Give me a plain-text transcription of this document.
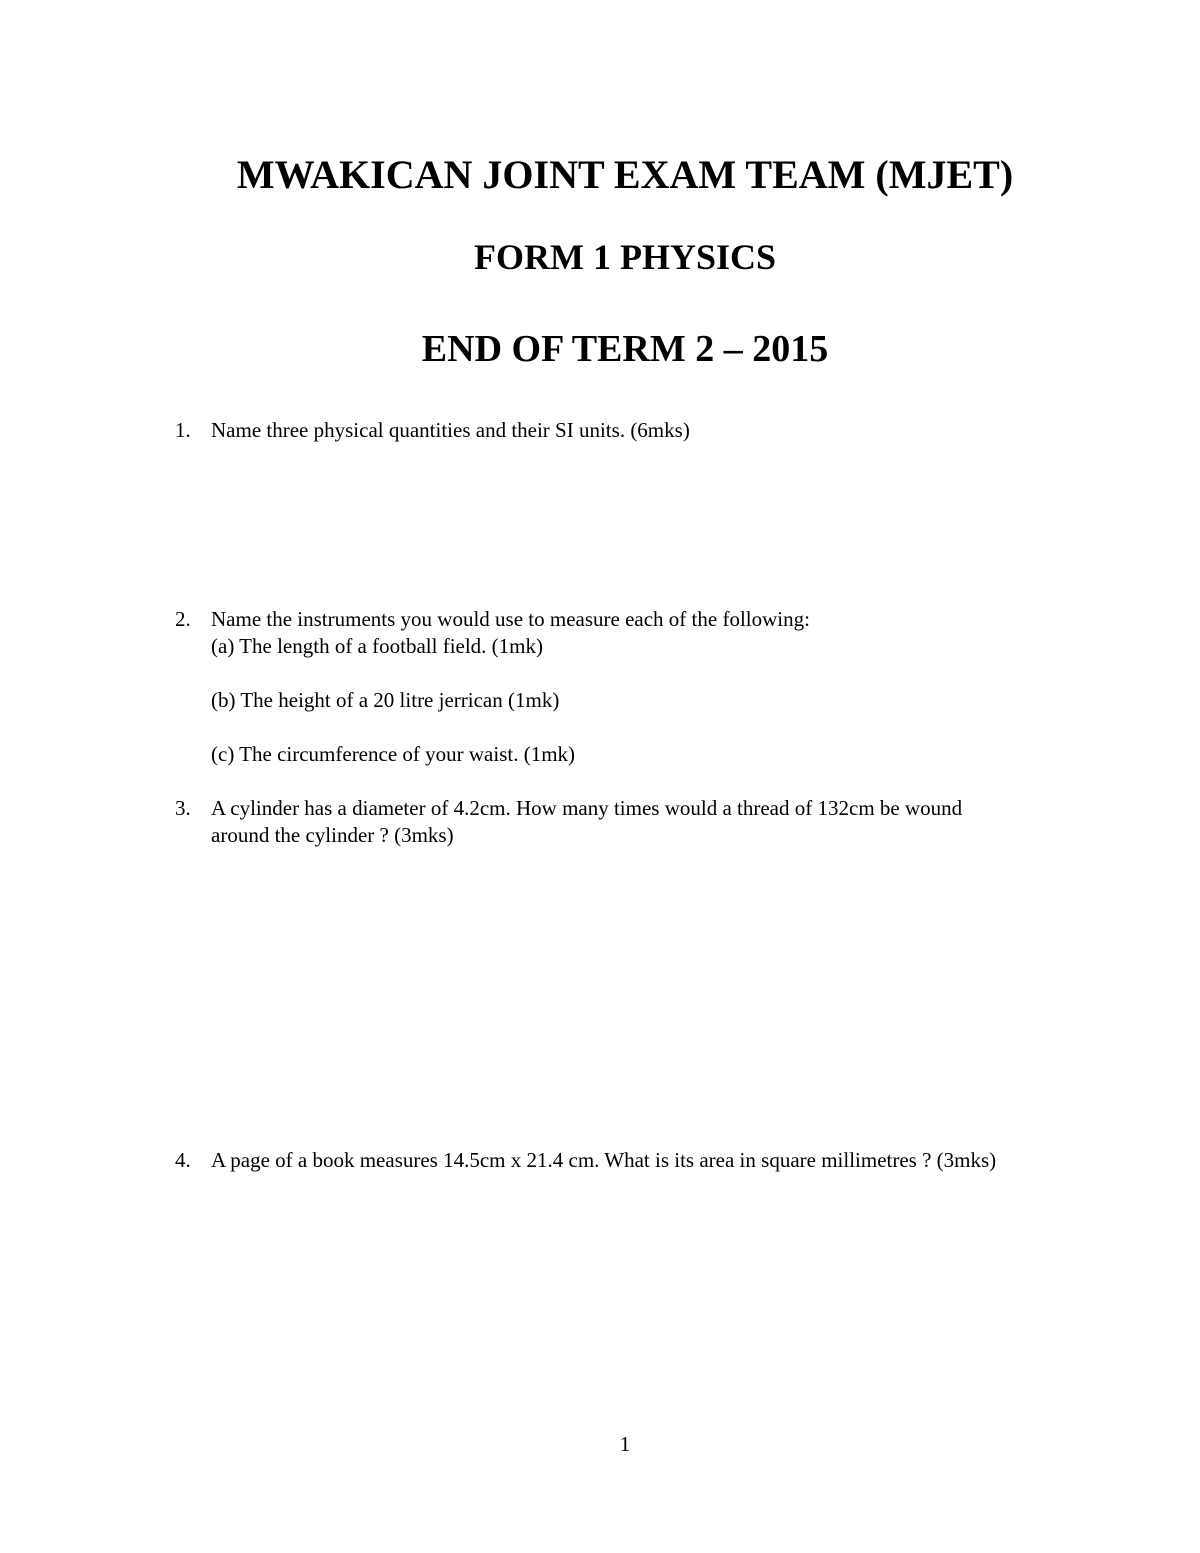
MWAKICAN JOINT EXAM TEAM (MJET)
FORM 1 PHYSICS
END OF TERM 2 – 2015
1. Name three physical quantities and their SI units. (6mks)
2. Name the instruments you would use to measure each of the following:
(a) The length of a football field. (1mk)
(b) The height of a 20 litre jerrican (1mk)
(c) The circumference of your waist. (1mk)
3. A cylinder has a diameter of 4.2cm. How many times would a thread of 132cm be wound
around the cylinder ? (3mks)
4. A page of a book measures 14.5cm x 21.4 cm. What is its area in square millimetres ? (3mks)
1
